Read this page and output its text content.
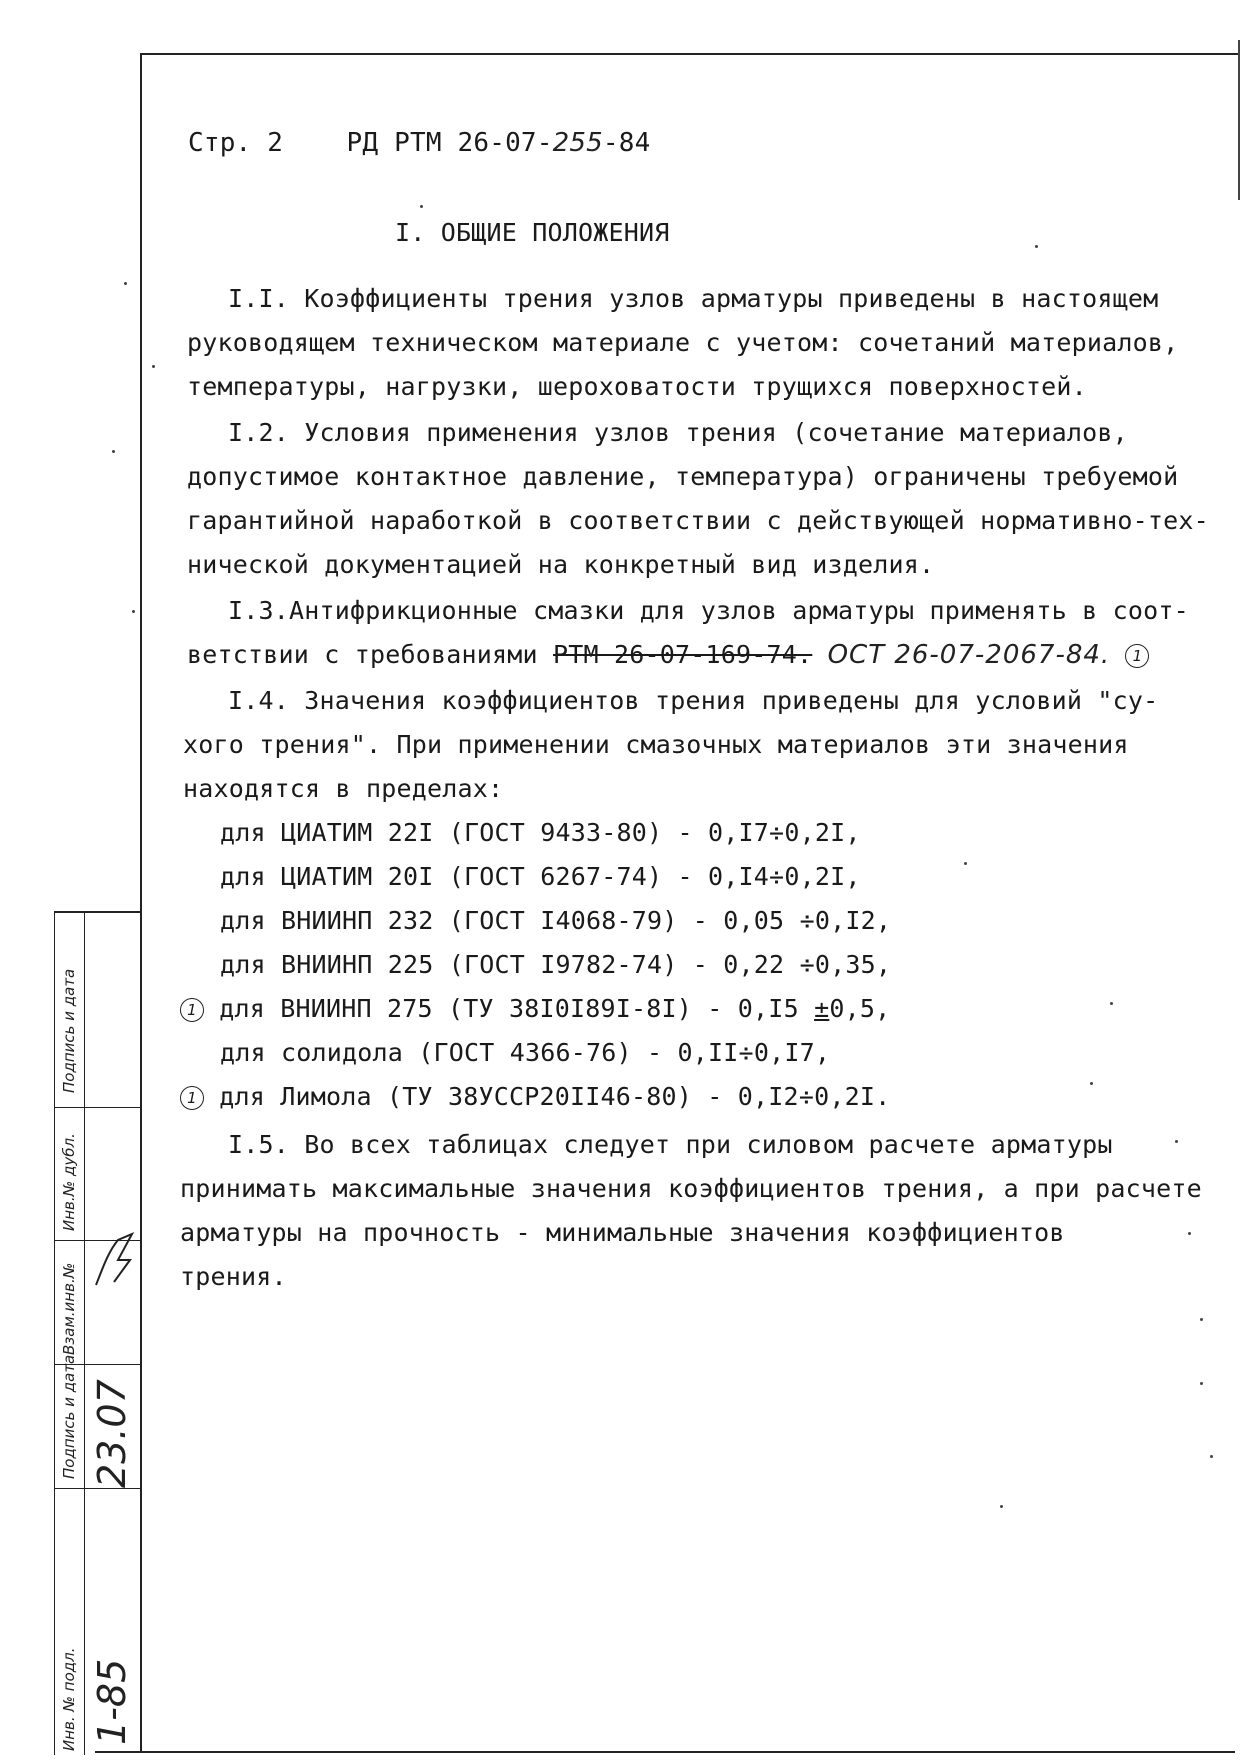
Стр. 2 РД РТМ 26-07-255-84
I. ОБЩИЕ ПОЛОЖЕНИЯ
I.I. Коэффициенты трения узлов арматуры приведены в настоящем
руководящем техническом материале с учетом: сочетаний материалов,
температуры, нагрузки, шероховатости трущихся поверхностей.
I.2. Условия применения узлов трения (сочетание материалов,
допустимое контактное давление, температура) ограничены требуемой
гарантийной наработкой в соответствии с действующей нормативно-тех-
нической документацией на конкретный вид изделия.
I.3.Антифрикционные смазки для узлов арматуры применять в соот-
ветствии с требованиями РТМ 26-07-169-74. ОСТ 26-07-2067-84. 1
I.4. Значения коэффициентов трения приведены для условий "су-
хого трения". При применении смазочных материалов эти значения
находятся в пределах:
для ЦИАТИМ 22I (ГОСТ 9433-80) - 0,I7÷0,2I,
для ЦИАТИМ 20I (ГОСТ 6267-74) - 0,I4÷0,2I,
для ВНИИНП 232 (ГОСТ I4068-79) - 0,05 ÷0,I2,
для ВНИИНП 225 (ГОСТ I9782-74) - 0,22 ÷0,35,
1 для ВНИИНП 275 (ТУ 38I0I89I-8I) - 0,I5 ±0,5,
для солидола (ГОСТ 4366-76) - 0,II÷0,I7,
1 для Лимола (ТУ 38УССР20II46-80) - 0,I2÷0,2I.
I.5. Во всех таблицах следует при силовом расчете арматуры
принимать максимальные значения коэффициентов трения, а при расчете
арматуры на прочность - минимальные значения коэффициентов
трения.
Подпись и дата
Инв.№ дубл.
Взам.инв.№
Подпись и дата
Инв. № подл.
23.07
1-85
